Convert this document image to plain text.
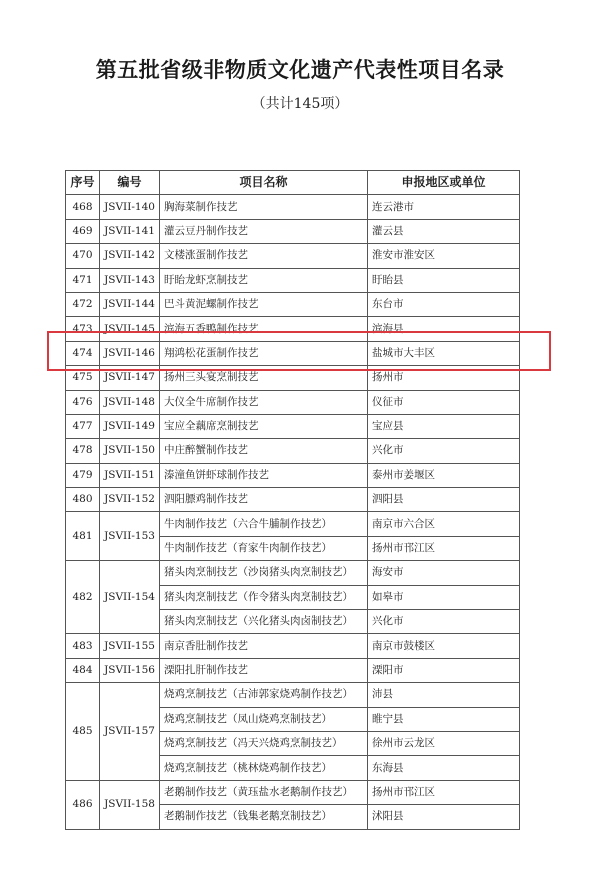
第五批省级非物质文化遗产代表性项目名录
（共计145项）
序号	编号	项目名称	申报地区或单位
468	JSVII-140	胸海菜制作技艺	连云港市
469	JSVII-141	灌云豆丹制作技艺	灌云县
470	JSVII-142	文楼涨蛋制作技艺	淮安市淮安区
471	JSVII-143	盱眙龙虾烹制技艺	盱眙县
472	JSVII-144	巴斗黄泥螺制作技艺	东台市
473	JSVII-145	滨海五香鸭制作技艺	滨海县
474	JSVII-146	翔鸿松花蛋制作技艺	盐城市大丰区
475	JSVII-147	扬州三头宴烹制技艺	扬州市
476	JSVII-148	大仪全牛席制作技艺	仪征市
477	JSVII-149	宝应全藕席烹制技艺	宝应县
478	JSVII-150	中庄醉蟹制作技艺	兴化市
479	JSVII-151	溱潼鱼饼虾球制作技艺	泰州市姜堰区
480	JSVII-152	泗阳膘鸡制作技艺	泗阳县
481	JSVII-153	牛肉制作技艺（六合牛脯制作技艺）	南京市六合区
		牛肉制作技艺（育家牛肉制作技艺）	扬州市邗江区
482	JSVII-154	猪头肉烹制技艺（沙岗猪头肉烹制技艺）	海安市
		猪头肉烹制技艺（作令猪头肉烹制技艺）	如皋市
		猪头肉烹制技艺（兴化猪头肉卤制技艺）	兴化市
483	JSVII-155	南京香肚制作技艺	南京市鼓楼区
484	JSVII-156	溧阳扎肝制作技艺	溧阳市
485	JSVII-157	烧鸡烹制技艺（古沛郭家烧鸡制作技艺）	沛县
		烧鸡烹制技艺（凤山烧鸡烹制技艺）	睢宁县
		烧鸡烹制技艺（冯天兴烧鸡烹制技艺）	徐州市云龙区
		烧鸡烹制技艺（桃林烧鸡制作技艺）	东海县
486	JSVII-158	老鹅制作技艺（黄珏盐水老鹅制作技艺）	扬州市邗江区
		老鹅制作技艺（钱集老鹅烹制技艺）	沭阳县
